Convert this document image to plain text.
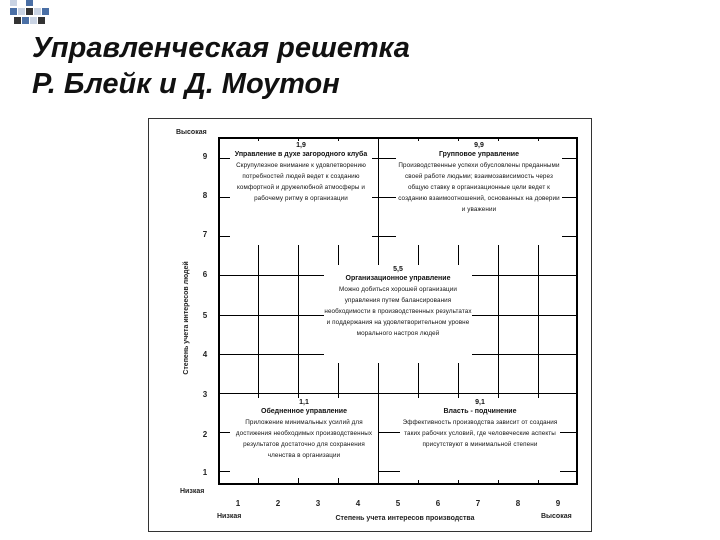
Управленческая решетка
Р. Блейк и Д. Моутон
Высокая
Низкая
Степень учета интересов людей
9
8
7
6
5
4
3
2
1
1	2	3	4	5	6	7	8	9
Низкая	Степень учета интересов производства	Высокая
1,9
Управление в духе загородного клуба
Скрупулезное внимание к удовлетворению потребностей людей ведет к созданию комфортной и дружелюбной атмосферы и рабочему ритму в организации
9,9
Групповое управление
Производственные успехи обусловлены преданными своей работе людьми; взаимозависимость через общую ставку в организационные цели ведет к созданию взаимоотношений, основанных на доверии и уважении
5,5
Организационное управление
Можно добиться хорошей организации управления путем балансирования необходимости в производственных результатах и поддержания на удовлетворительном уровне морального настроя людей
1,1
Обедненное управление
Приложение минимальных усилий для достижения необходимых производственных результатов достаточно для сохранения членства в организации
9,1
Власть - подчинение
Эффективность производства зависит от создания таких рабочих условий, где человеческие аспекты присутствуют в минимальной степени
